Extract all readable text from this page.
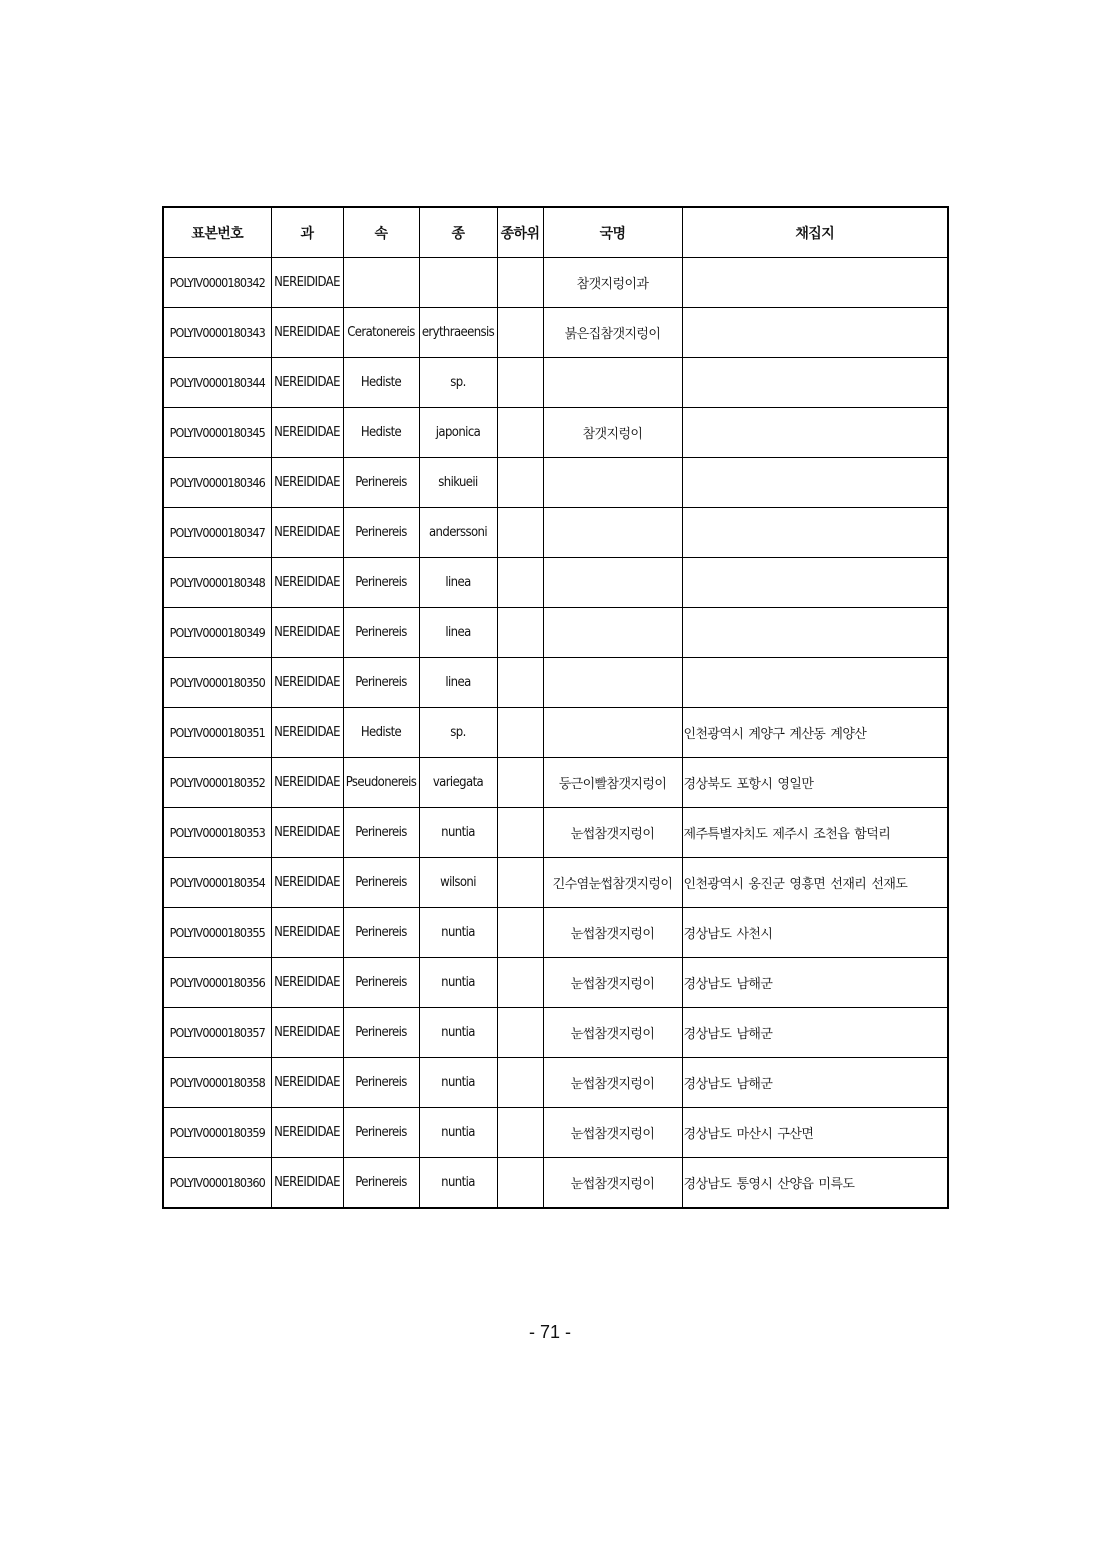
표본번호	과	속	종	종하위	국명	채집지
POLYIV0000180342	NEREIDIDAE				참갯지렁이과	
POLYIV0000180343	NEREIDIDAE	Ceratonereis	erythraeensis		붉은집참갯지렁이	
POLYIV0000180344	NEREIDIDAE	Hediste	sp.			
POLYIV0000180345	NEREIDIDAE	Hediste	japonica		참갯지렁이	
POLYIV0000180346	NEREIDIDAE	Perinereis	shikueii			
POLYIV0000180347	NEREIDIDAE	Perinereis	anderssoni			
POLYIV0000180348	NEREIDIDAE	Perinereis	linea			
POLYIV0000180349	NEREIDIDAE	Perinereis	linea			
POLYIV0000180350	NEREIDIDAE	Perinereis	linea			
POLYIV0000180351	NEREIDIDAE	Hediste	sp.			인천광역시 계양구 계산동 계양산
POLYIV0000180352	NEREIDIDAE	Pseudonereis	variegata		둥근이빨참갯지렁이	경상북도 포항시 영일만
POLYIV0000180353	NEREIDIDAE	Perinereis	nuntia		눈썹참갯지렁이	제주특별자치도 제주시 조천읍 함덕리
POLYIV0000180354	NEREIDIDAE	Perinereis	wilsoni		긴수염눈썹참갯지렁이	인천광역시 옹진군 영흥면 선재리 선재도
POLYIV0000180355	NEREIDIDAE	Perinereis	nuntia		눈썹참갯지렁이	경상남도 사천시
POLYIV0000180356	NEREIDIDAE	Perinereis	nuntia		눈썹참갯지렁이	경상남도 남해군
POLYIV0000180357	NEREIDIDAE	Perinereis	nuntia		눈썹참갯지렁이	경상남도 남해군
POLYIV0000180358	NEREIDIDAE	Perinereis	nuntia		눈썹참갯지렁이	경상남도 남해군
POLYIV0000180359	NEREIDIDAE	Perinereis	nuntia		눈썹참갯지렁이	경상남도 마산시 구산면
POLYIV0000180360	NEREIDIDAE	Perinereis	nuntia		눈썹참갯지렁이	경상남도 통영시 산양읍 미륵도
- 71 -
